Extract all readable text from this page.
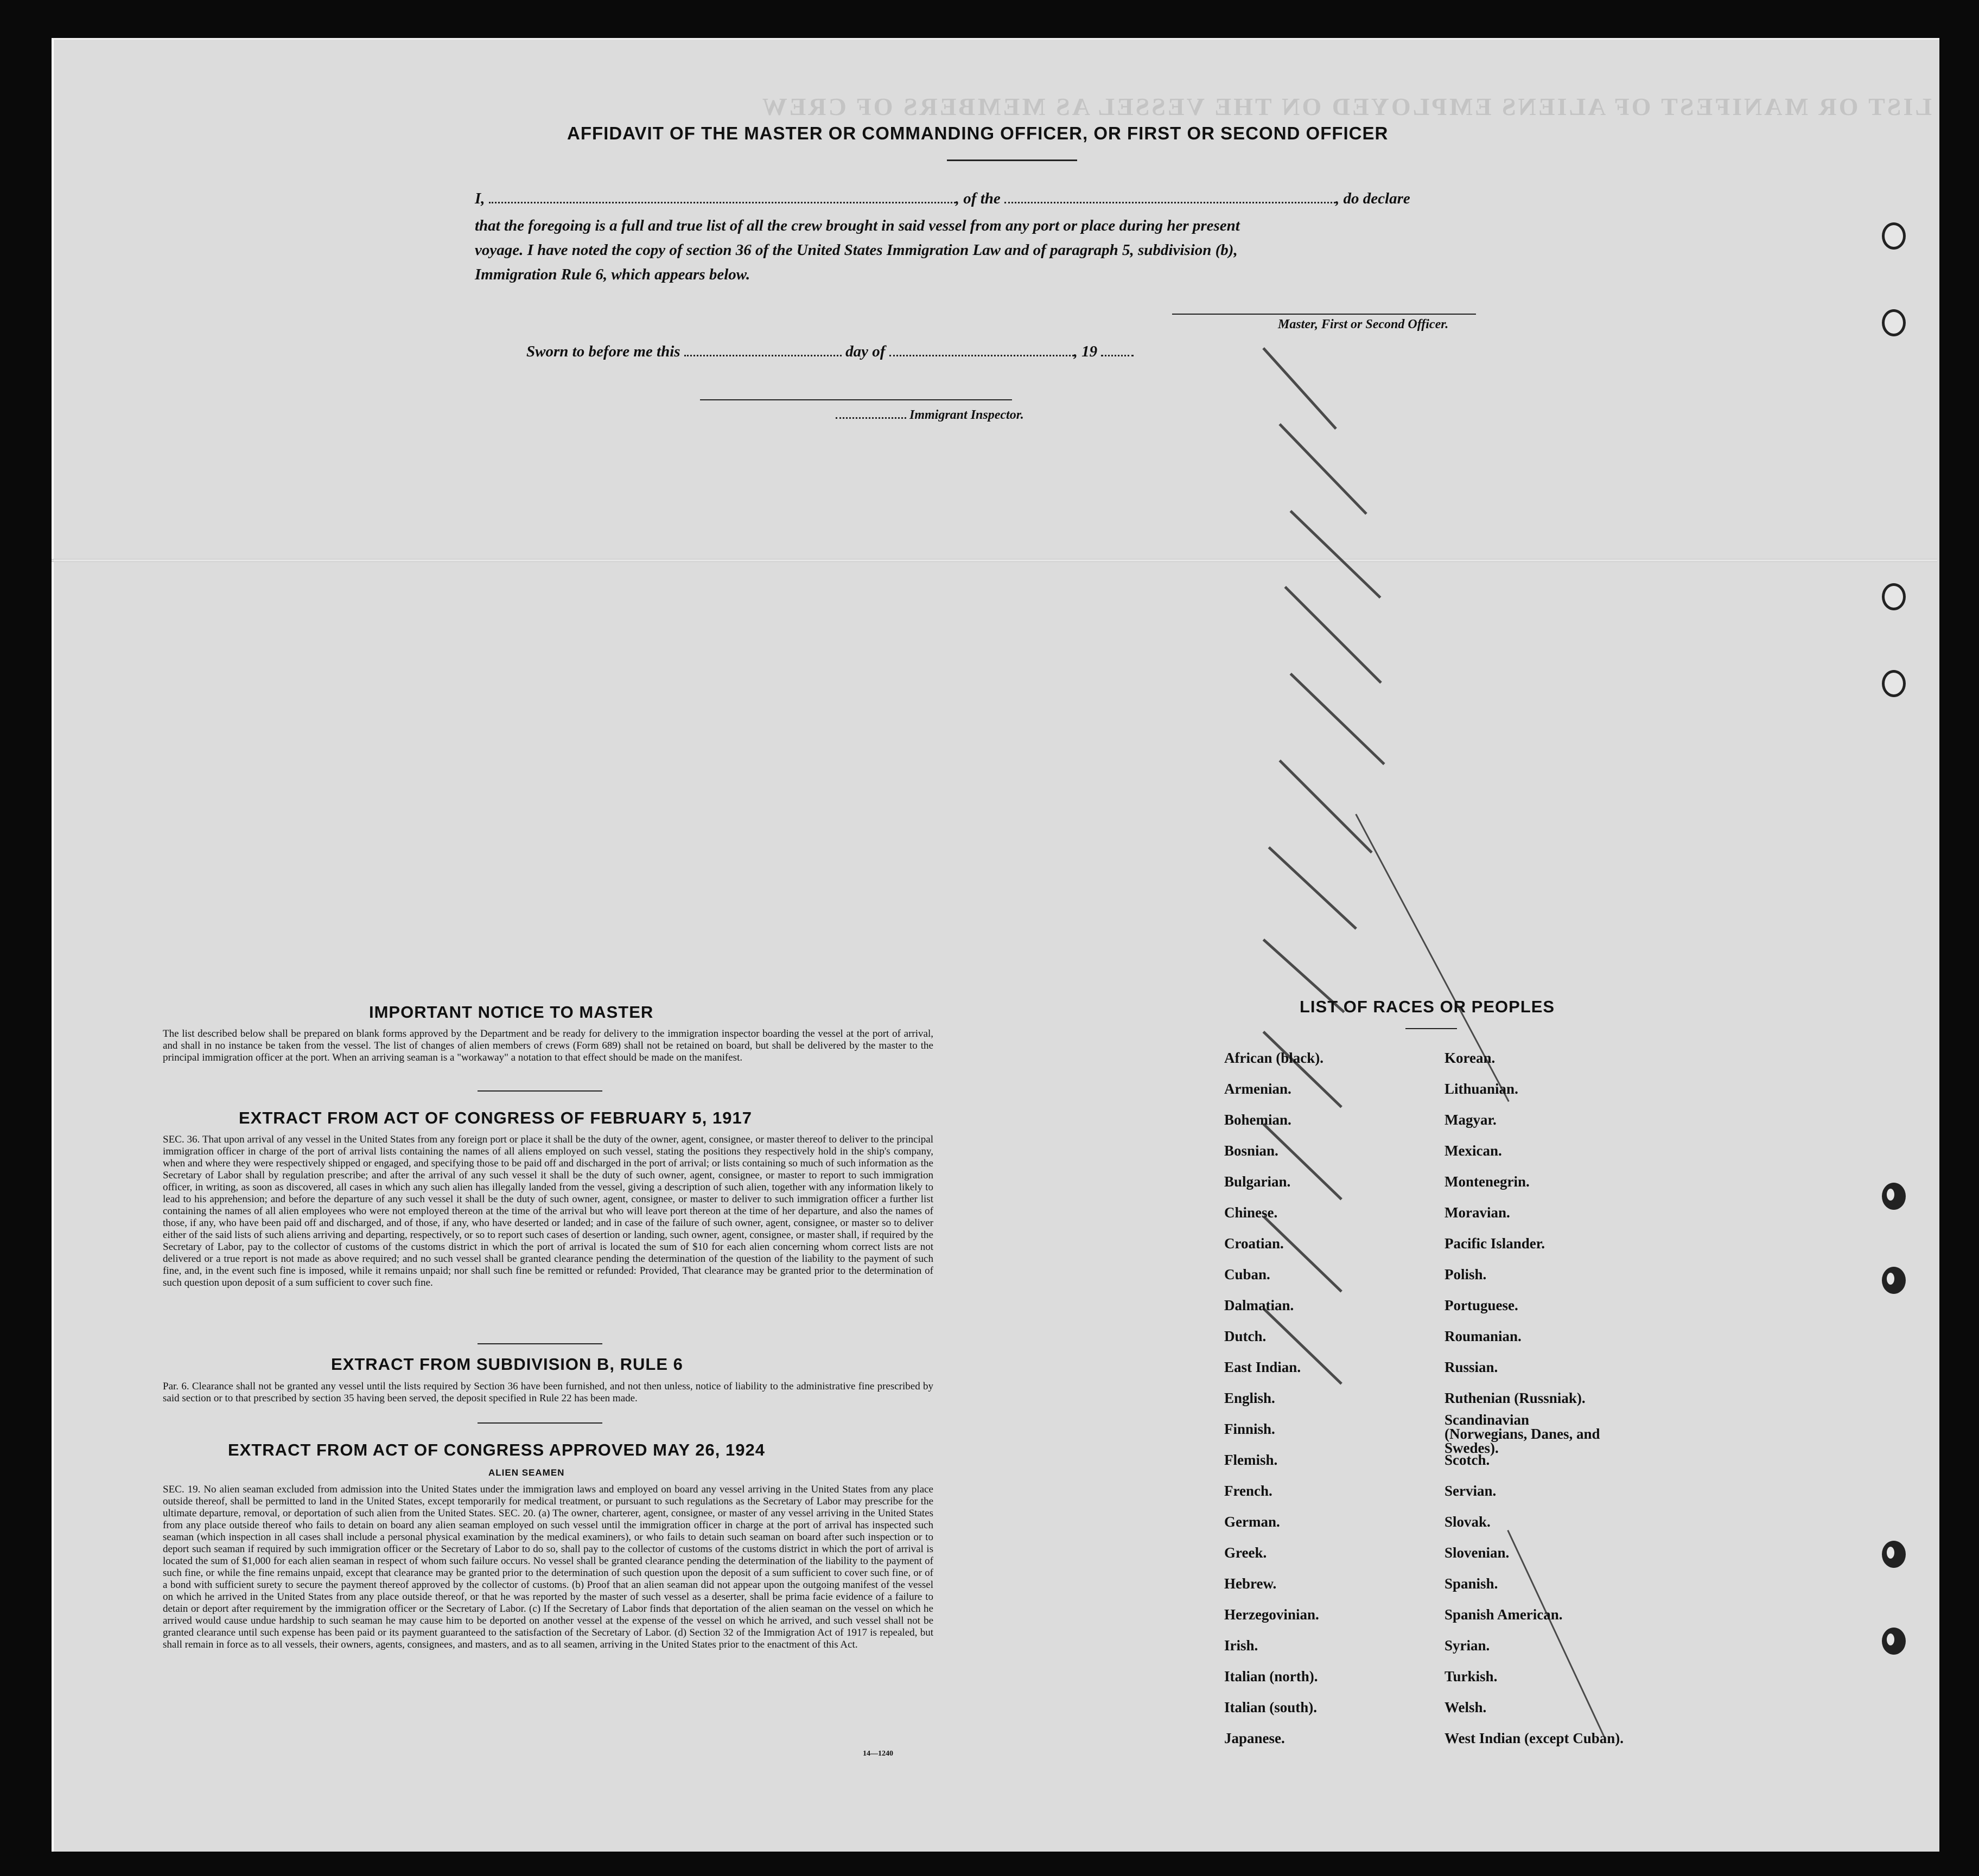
LIST OR MANIFEST OF ALIENS EMPLOYED ON THE VESSEL AS MEMBERS OF CREW
AFFIDAVIT OF THE MASTER OR COMMANDING OFFICER, OR FIRST OR SECOND OFFICER
I,	, of the	, do declare
that the foregoing is a full and true list of all the crew brought in said vessel from any port or place during her present
voyage. I have noted the copy of section 36 of the United States Immigration Law and of paragraph 5, subdivision (b),
Immigration Rule 6, which appears below.
Master, First or Second Officer.
Sworn to before me this	day of	, 19
Immigrant Inspector.
IMPORTANT NOTICE TO MASTER
The list described below shall be prepared on blank forms approved by the Department and be ready for delivery to the immigration inspector boarding the vessel at the port of arrival, and shall in no instance be taken from the vessel. The list of changes of alien members of crews (Form 689) shall not be retained on board, but shall be delivered by the master to the principal immigration officer at the port. When an arriving seaman is a "workaway" a notation to that effect should be made on the manifest.
EXTRACT FROM ACT OF CONGRESS OF FEBRUARY 5, 1917
SEC. 36. That upon arrival of any vessel in the United States from any foreign port or place it shall be the duty of the owner, agent, consignee, or master thereof to deliver to the principal immigration officer in charge of the port of arrival lists containing the names of all aliens employed on such vessel, stating the positions they respectively hold in the ship's company, when and where they were respectively shipped or engaged, and specifying those to be paid off and discharged in the port of arrival; or lists containing so much of such information as the Secretary of Labor shall by regulation prescribe; and after the arrival of any such vessel it shall be the duty of such owner, agent, consignee, or master to report to such immigration officer, in writing, as soon as discovered, all cases in which any such alien has illegally landed from the vessel, giving a description of such alien, together with any information likely to lead to his apprehension; and before the departure of any such vessel it shall be the duty of such owner, agent, consignee, or master to deliver to such immigration officer a further list containing the names of all alien employees who were not employed thereon at the time of the arrival but who will leave port thereon at the time of her departure, and also the names of those, if any, who have been paid off and discharged, and of those, if any, who have deserted or landed; and in case of the failure of such owner, agent, consignee, or master so to deliver either of the said lists of such aliens arriving and departing, respectively, or so to report such cases of desertion or landing, such owner, agent, consignee, or master shall, if required by the Secretary of Labor, pay to the collector of customs of the customs district in which the port of arrival is located the sum of $10 for each alien concerning whom correct lists are not delivered or a true report is not made as above required; and no such vessel shall be granted clearance pending the determination of the question of the liability to the payment of such fine, and, in the event such fine is imposed, while it remains unpaid; nor shall such fine be remitted or refunded: Provided, That clearance may be granted prior to the determination of such question upon deposit of a sum sufficient to cover such fine.
EXTRACT FROM SUBDIVISION B, RULE 6
Par. 6. Clearance shall not be granted any vessel until the lists required by Section 36 have been furnished, and not then unless, notice of liability to the administrative fine prescribed by said section or to that prescribed by section 35 having been served, the deposit specified in Rule 22 has been made.
EXTRACT FROM ACT OF CONGRESS APPROVED MAY 26, 1924
ALIEN SEAMEN
SEC. 19. No alien seaman excluded from admission into the United States under the immigration laws and employed on board any vessel arriving in the United States from any place outside thereof, shall be permitted to land in the United States, except temporarily for medical treatment, or pursuant to such regulations as the Secretary of Labor may prescribe for the ultimate departure, removal, or deportation of such alien from the United States. SEC. 20. (a) The owner, charterer, agent, consignee, or master of any vessel arriving in the United States from any place outside thereof who fails to detain on board any alien seaman employed on such vessel until the immigration officer in charge at the port of arrival has inspected such seaman (which inspection in all cases shall include a personal physical examination by the medical examiners), or who fails to detain such seaman on board after such inspection or to deport such seaman if required by such immigration officer or the Secretary of Labor to do so, shall pay to the collector of customs of the customs district in which the port of arrival is located the sum of $1,000 for each alien seaman in respect of whom such failure occurs. No vessel shall be granted clearance pending the determination of the liability to the payment of such fine, or while the fine remains unpaid, except that clearance may be granted prior to the determination of such question upon the deposit of a sum sufficient to cover such fine, or of a bond with sufficient surety to secure the payment thereof approved by the collector of customs. (b) Proof that an alien seaman did not appear upon the outgoing manifest of the vessel on which he arrived in the United States from any place outside thereof, or that he was reported by the master of such vessel as a deserter, shall be prima facie evidence of a failure to detain or deport after requirement by the immigration officer or the Secretary of Labor. (c) If the Secretary of Labor finds that deportation of the alien seaman on the vessel on which he arrived would cause undue hardship to such seaman he may cause him to be deported on another vessel at the expense of the vessel on which he arrived, and such vessel shall not be granted clearance until such expense has been paid or its payment guaranteed to the satisfaction of the Secretary of Labor. (d) Section 32 of the Immigration Act of 1917 is repealed, but shall remain in force as to all vessels, their owners, agents, consignees, and masters, and as to all seamen, arriving in the United States prior to the enactment of this Act.
14—1240
LIST OF RACES OR PEOPLES
African (black).
Armenian.
Bohemian.
Bosnian.
Bulgarian.
Chinese.
Croatian.
Cuban.
Dalmatian.
Dutch.
East Indian.
English.
Finnish.
Flemish.
French.
German.
Greek.
Hebrew.
Herzegovinian.
Irish.
Italian (north).
Italian (south).
Japanese.
Korean.
Lithuanian.
Magyar.
Mexican.
Montenegrin.
Moravian.
Pacific Islander.
Polish.
Portuguese.
Roumanian.
Russian.
Ruthenian (Russniak).
Scandinavian (Norwegians, Danes, and Swedes).
Scotch.
Servian.
Slovak.
Slovenian.
Spanish.
Spanish American.
Syrian.
Turkish.
Welsh.
West Indian (except Cuban).
